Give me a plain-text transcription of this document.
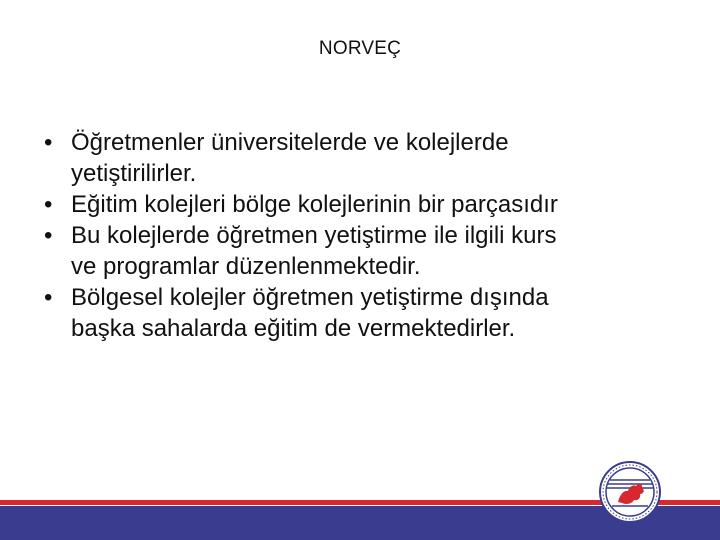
NORVEÇ
• Öğretmenler üniversitelerde ve kolejlerde
yetiştirilirler.
• Eğitim kolejleri bölge kolejlerinin bir parçasıdır
• Bu kolejlerde öğretmen yetiştirme ile ilgili kurs
ve programlar düzenlenmektedir.
• Bölgesel kolejler öğretmen yetiştirme dışında
başka sahalarda eğitim de vermektedirler.
